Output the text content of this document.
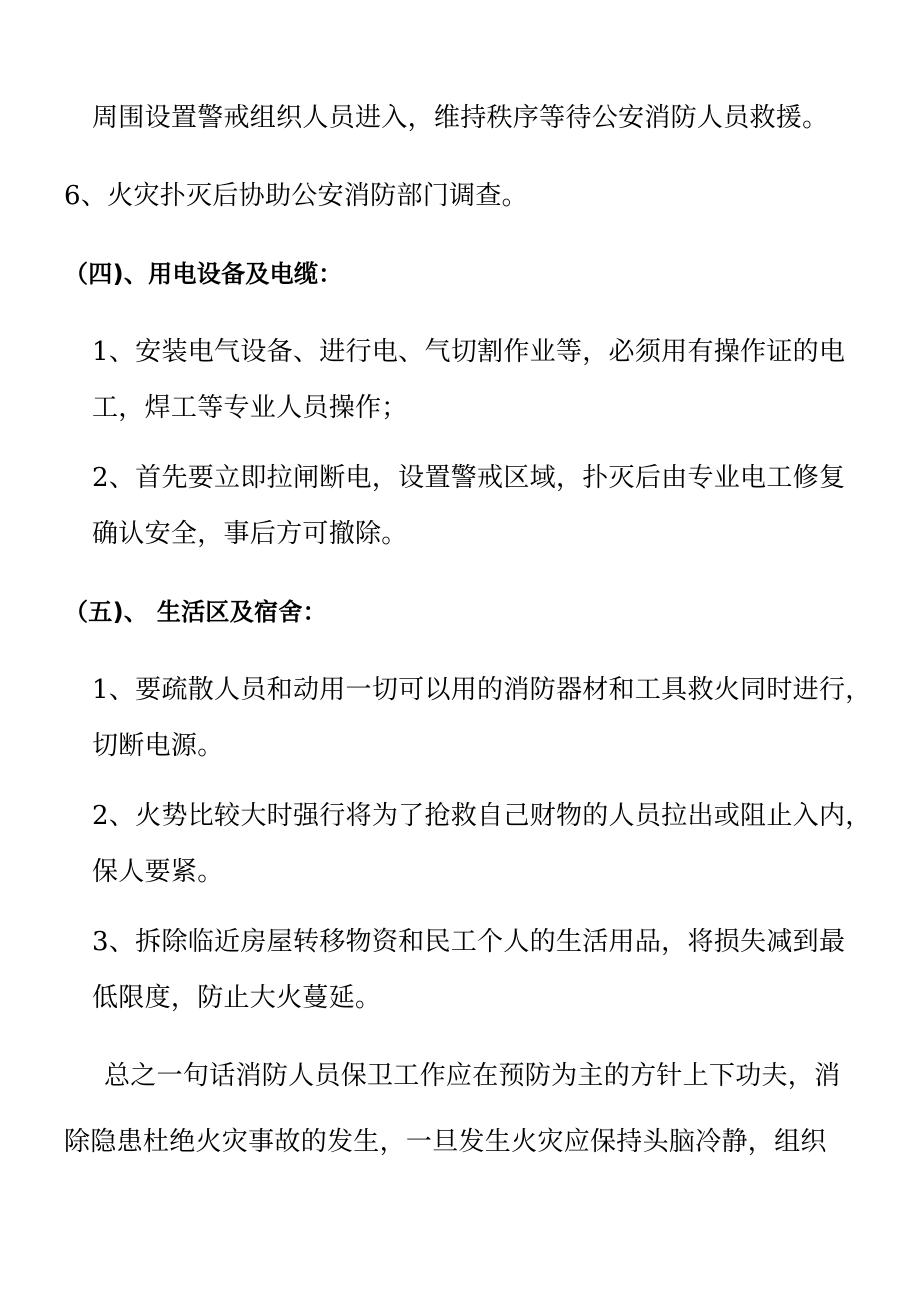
周围设置警戒组织人员进入，维持秩序等待公安消防人员救援。
6、火灾扑灭后协助公安消防部门调查。
（四)、用电设备及电缆：
1、安装电气设备、进行电、气切割作业等，必须用有操作证的电
工，焊工等专业人员操作；
2、首先要立即拉闸断电，设置警戒区域，扑灭后由专业电工修复
确认安全，事后方可撤除。
（五)、 生活区及宿舍：
1、要疏散人员和动用一切可以用的消防器材和工具救火同时进行，
切断电源。
2、火势比较大时强行将为了抢救自己财物的人员拉出或阻止入内，
保人要紧。
3、拆除临近房屋转移物资和民工个人的生活用品，将损失减到最
低限度，防止大火蔓延。
总之一句话消防人员保卫工作应在预防为主的方针上下功夫，消
除隐患杜绝火灾事故的发生，一旦发生火灾应保持头脑冷静，组织
